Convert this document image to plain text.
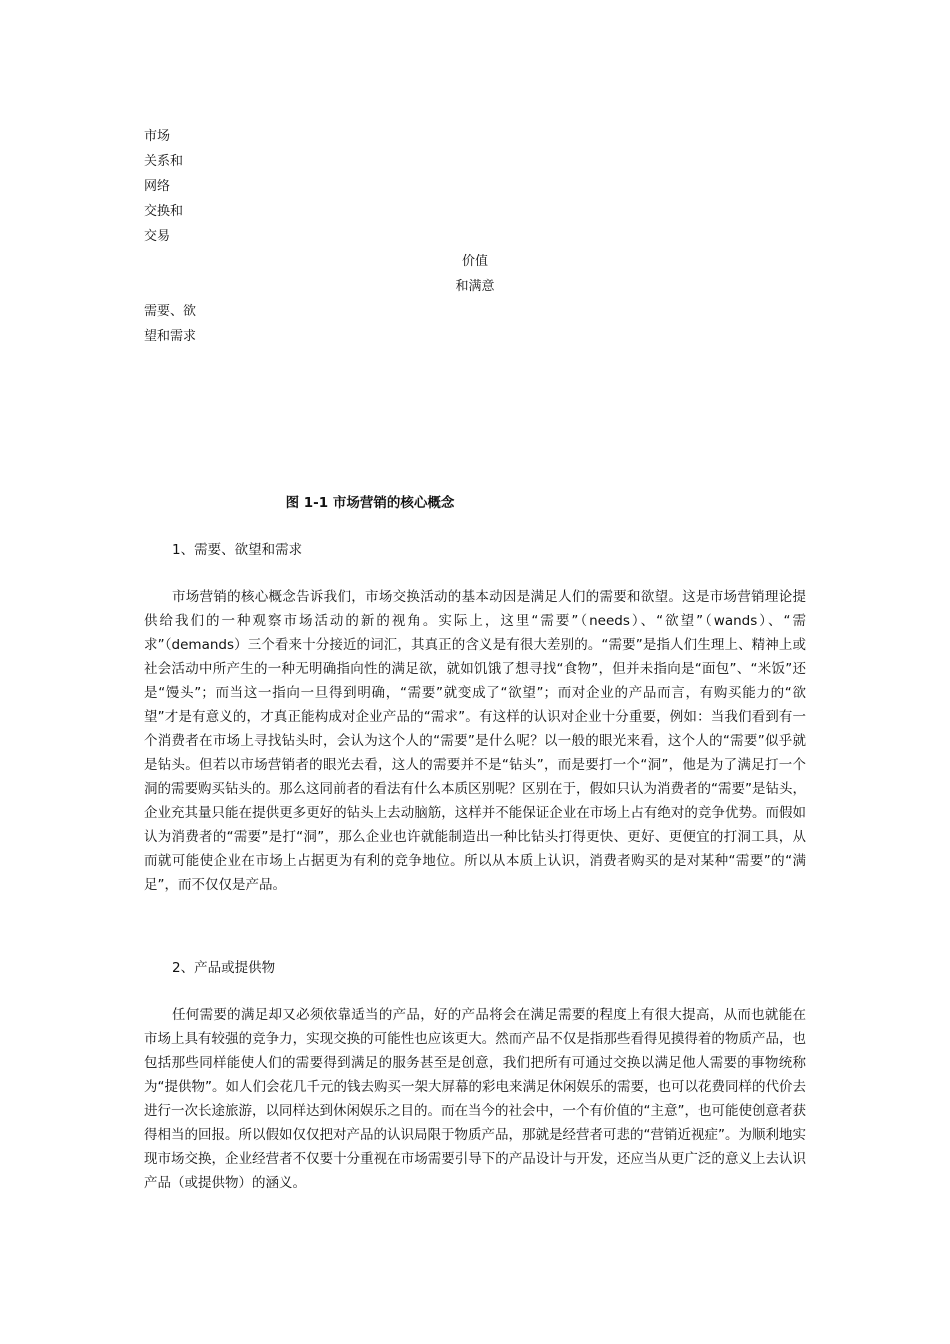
市场
关系和
网络
交换和
交易
价值
和满意
需要、欲
望和需求
图 1-1 市场营销的核心概念
1、需要、欲望和需求

市场营销的核心概念告诉我们，市场交换活动的基本动因是满足人们的需要和欲望。这是市场营销理论提供给我们的一种观察市场活动的新的视角。实际上，这里“需要”（needs）、“欲望”（wands）、“需求”（demands）三个看来十分接近的词汇，其真正的含义是有很大差别的。“需要”是指人们生理上、精神上或社会活动中所产生的一种无明确指向性的满足欲，就如饥饿了想寻找“食物”，但并未指向是“面包”、“米饭”还是“馒头”；而当这一指向一旦得到明确，“需要”就变成了“欲望”；而对企业的产品而言，有购买能力的“欲望”才是有意义的，才真正能构成对企业产品的“需求”。有这样的认识对企业十分重要，例如：当我们看到有一个消费者在市场上寻找钻头时，会认为这个人的“需要”是什么呢？以一般的眼光来看，这个人的“需要”似乎就是钻头。但若以市场营销者的眼光去看，这人的需要并不是“钻头”，而是要打一个“洞”，他是为了满足打一个洞的需要购买钻头的。那么这同前者的看法有什么本质区别呢？区别在于，假如只认为消费者的“需要”是钻头，企业充其量只能在提供更多更好的钻头上去动脑筋，这样并不能保证企业在市场上占有绝对的竞争优势。而假如认为消费者的“需要”是打“洞”，那么企业也许就能制造出一种比钻头打得更快、更好、更便宜的打洞工具，从而就可能使企业在市场上占据更为有利的竞争地位。所以从本质上认识，消费者购买的是对某种“需要”的“满足”，而不仅仅是产品。

2、产品或提供物

任何需要的满足却又必须依靠适当的产品，好的产品将会在满足需要的程度上有很大提高，从而也就能在市场上具有较强的竞争力，实现交换的可能性也应该更大。然而产品不仅是指那些看得见摸得着的物质产品，也包括那些同样能使人们的需要得到满足的服务甚至是创意，我们把所有可通过交换以满足他人需要的事物统称为“提供物”。如人们会花几千元的钱去购买一架大屏幕的彩电来满足休闲娱乐的需要，也可以花费同样的代价去进行一次长途旅游，以同样达到休闲娱乐之目的。而在当今的社会中，一个有价值的“主意”，也可能使创意者获得相当的回报。所以假如仅仅把对产品的认识局限于物质产品，那就是经营者可悲的“营销近视症”。为顺利地实现市场交换，企业经营者不仅要十分重视在市场需要引导下的产品设计与开发，还应当从更广泛的意义上去认识产品（或提供物）的涵义。
